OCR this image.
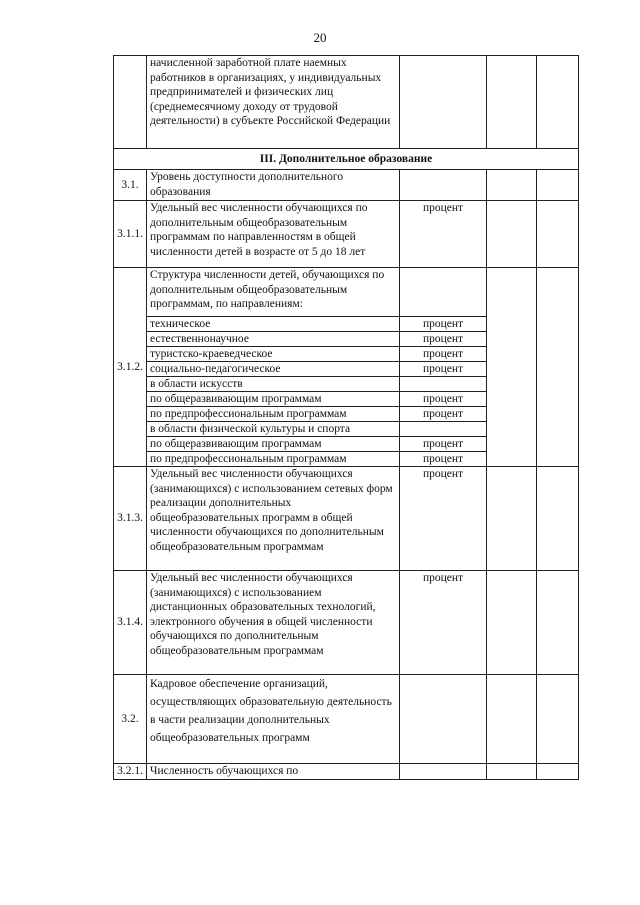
20
	начисленной заработной плате наемных работников в организациях, у индивидуальных предпринимателей и физических лиц (среднемесячному доходу от трудовой деятельности) в субъекте Российской Федерации			
III. Дополнительное образование				
3.1.	Уровень доступности дополнительного образования			
3.1.1.	Удельный вес численности обучающихся по дополнительным общеобразовательным программам по направленностям в общей численности детей в возрасте от 5 до 18 лет	процент		
3.1.2.	Структура численности детей, обучающихся по дополнительным общеобразовательным программам, по направлениям:			
	техническое	процент		
	естественнонаучное	процент		
	туристско-краеведческое	процент		
	социально-педагогическое	процент		
	в области искусств			
	по общеразвивающим программам	процент		
	по предпрофессиональным программам	процент		
	в области физической культуры и спорта			
	по общеразвивающим программам	процент		
	по предпрофессиональным программам	процент		
3.1.3.	Удельный вес численности обучающихся (занимающихся) с использованием сетевых форм реализации дополнительных общеобразовательных программ в общей численности обучающихся по дополнительным общеобразовательным программам	процент		
3.1.4.	Удельный вес численности обучающихся (занимающихся) с использованием дистанционных образовательных технологий, электронного обучения в общей численности обучающихся по дополнительным общеобразовательным программам	процент		
3.2.	Кадровое обеспечение организаций, осуществляющих образовательную деятельность в части реализации дополнительных общеобразовательных программ			
3.2.1.	Численность обучающихся по			
